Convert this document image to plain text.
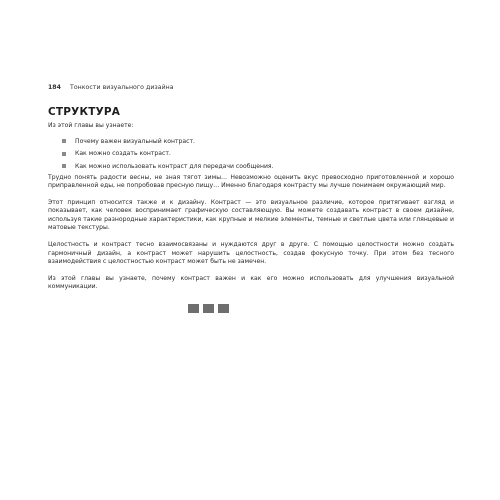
184	Тонкости визуального дизайна
СТРУКТУРА
Из этой главы вы узнаете:
Почему важен визуальный контраст.
Как можно создать контраст.
Как можно использовать контраст для передачи сообщения.

Трудно понять радости весны, не зная тягот зимы… Невозможно оценить вкус превосходно приготовленной и хорошо приправленной еды, не попробовав пресную пищу… Именно благодаря контрасту мы лучше понимаем окружающий мир.

Этот принцип относится также и к дизайну. Контраст — это визуальное различие, которое притягивает взгляд и показывает, как человек воспринимает графическую составляющую. Вы можете создавать контраст в своем дизайне, используя такие разнородные характеристики, как крупные и мелкие элементы, темные и светлые цвета или глянцевые и матовые текстуры.

Целостность и контраст тесно взаимосвязаны и нуждаются друг в друге. С помощью целостности можно создать гармоничный дизайн, а контраст может нарушить целостность, создав фокусную точку. При этом без тесного взаимодействия с целостностью контраст может быть не замечен.

Из этой главы вы узнаете, почему контраст важен и как его можно использовать для улучшения визуальной коммуникации.
